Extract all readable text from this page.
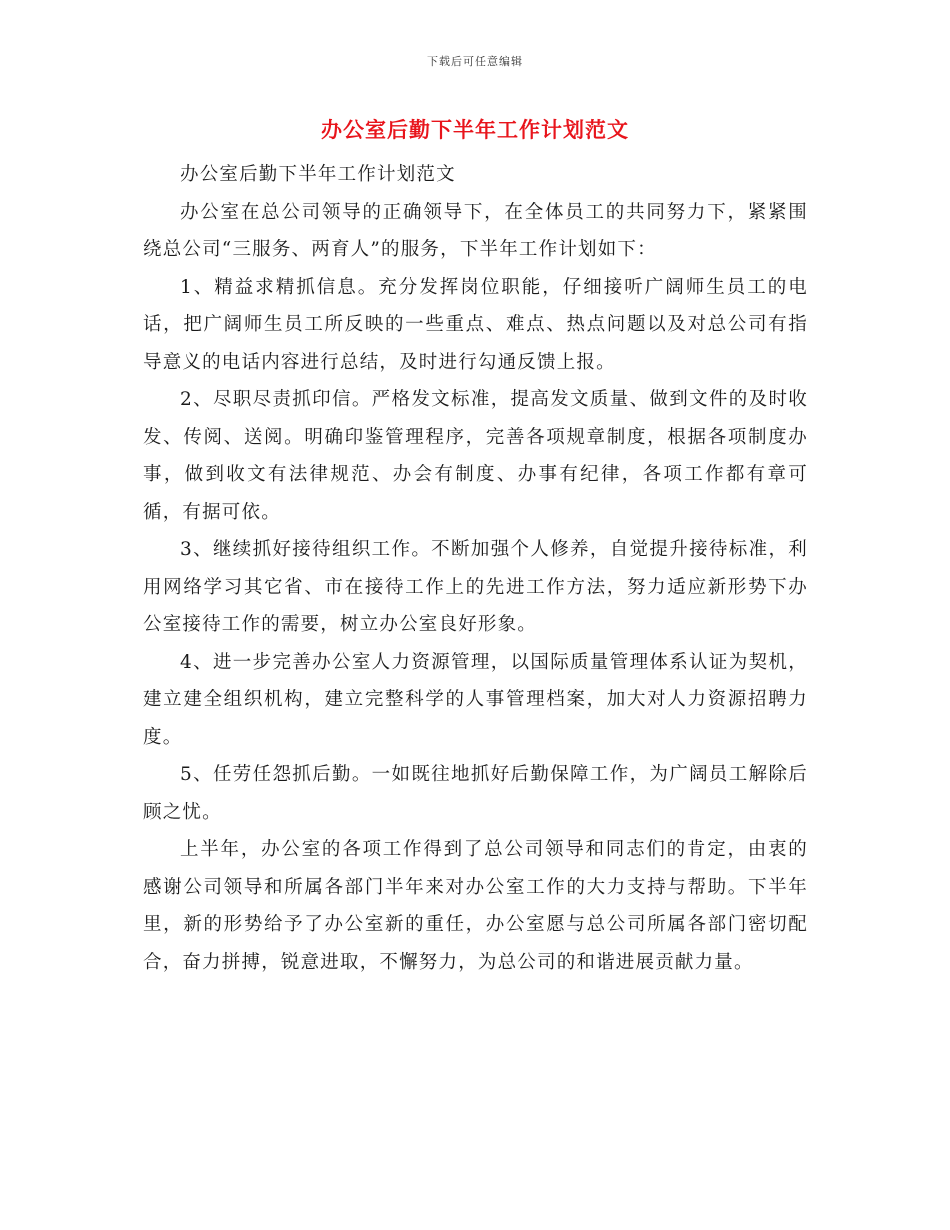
下载后可任意编辑
办公室后勤下半年工作计划范文

办公室后勤下半年工作计划范文

办公室在总公司领导的正确领导下，在全体员工的共同努力下，紧紧围绕总公司“三服务、两育人”的服务，下半年工作计划如下：

1、精益求精抓信息。充分发挥岗位职能，仔细接听广阔师生员工的电话，把广阔师生员工所反映的一些重点、难点、热点问题以及对总公司有指导意义的电话内容进行总结，及时进行勾通反馈上报。

2、尽职尽责抓印信。严格发文标准，提高发文质量、做到文件的及时收发、传阅、送阅。明确印鉴管理程序，完善各项规章制度，根据各项制度办事，做到收文有法律规范、办会有制度、办事有纪律，各项工作都有章可循，有据可依。

3、继续抓好接待组织工作。不断加强个人修养，自觉提升接待标准，利用网络学习其它省、市在接待工作上的先进工作方法，努力适应新形势下办公室接待工作的需要，树立办公室良好形象。

4、进一步完善办公室人力资源管理，以国际质量管理体系认证为契机，建立建全组织机构，建立完整科学的人事管理档案，加大对人力资源招聘力度。

5、任劳任怨抓后勤。一如既往地抓好后勤保障工作，为广阔员工解除后顾之忧。

上半年，办公室的各项工作得到了总公司领导和同志们的肯定，由衷的感谢公司领导和所属各部门半年来对办公室工作的大力支持与帮助。下半年里，新的形势给予了办公室新的重任，办公室愿与总公司所属各部门密切配合，奋力拼搏，锐意进取，不懈努力，为总公司的和谐进展贡献力量。
